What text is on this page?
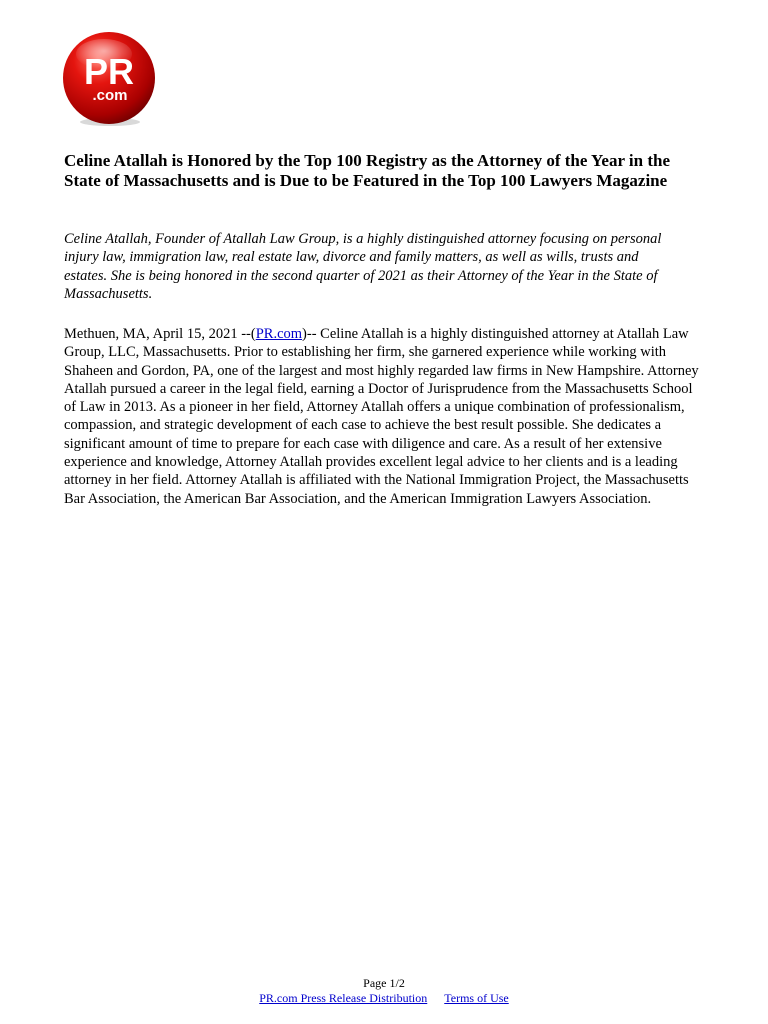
PR
.com
Celine Atallah is Honored by the Top 100 Registry as the Attorney of the Year in the State of Massachusetts and is Due to be Featured in the Top 100 Lawyers Magazine

Celine Atallah, Founder of Atallah Law Group, is a highly distinguished attorney focusing on personal injury law, immigration law, real estate law, divorce and family matters, as well as wills, trusts and estates. She is being honored in the second quarter of 2021 as their Attorney of the Year in the State of Massachusetts.

Methuen, MA, April 15, 2021 --(PR.com)-- Celine Atallah is a highly distinguished attorney at Atallah Law Group, LLC, Massachusetts. Prior to establishing her firm, she garnered experience while working with Shaheen and Gordon, PA, one of the largest and most highly regarded law firms in New Hampshire. Attorney Atallah pursued a career in the legal field, earning a Doctor of Jurisprudence from the Massachusetts School of Law in 2013. As a pioneer in her field, Attorney Atallah offers a unique combination of professionalism, compassion, and strategic development of each case to achieve the best result possible. She dedicates a significant amount of time to prepare for each case with diligence and care. As a result of her extensive experience and knowledge, Attorney Atallah provides excellent legal advice to her clients and is a leading attorney in her field. Attorney Atallah is affiliated with the National Immigration Project, the Massachusetts Bar Association, the American Bar Association, and the American Immigration Lawyers Association.

Page 1/2
PR.com Press Release Distribution Terms of Use
